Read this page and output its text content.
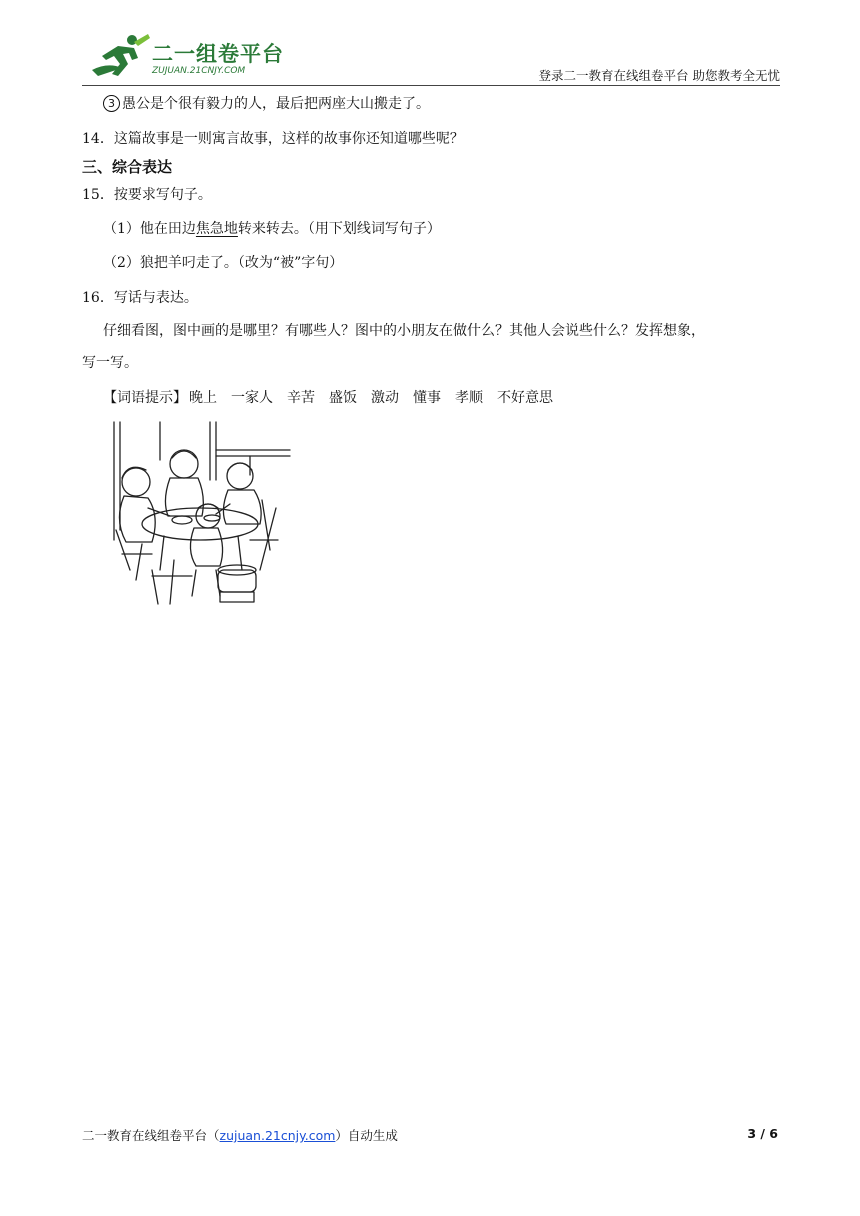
二一组卷平台
ZUJUAN.21CNJY.COM	登录二一教育在线组卷平台 助您教考全无忧
3 愚公是个很有毅力的人，最后把两座大山搬走了。
14．这篇故事是一则寓言故事，这样的故事你还知道哪些呢？
三、综合表达
15．按要求写句子。
（1）他在田边焦急地转来转去。（用下划线词写句子）
（2）狼把羊叼走了。（改为“被”字句）
16．写话与表达。
仔细看图，图中画的是哪里？有哪些人？图中的小朋友在做什么？其他人会说些什么？发挥想象，
写一写。
【词语提示】 晚上 一家人 辛苦 盛饭 激动 懂事 孝顺 不好意思
二一教育在线组卷平台（zujuan.21cnjy.com）自动生成	3 / 6
